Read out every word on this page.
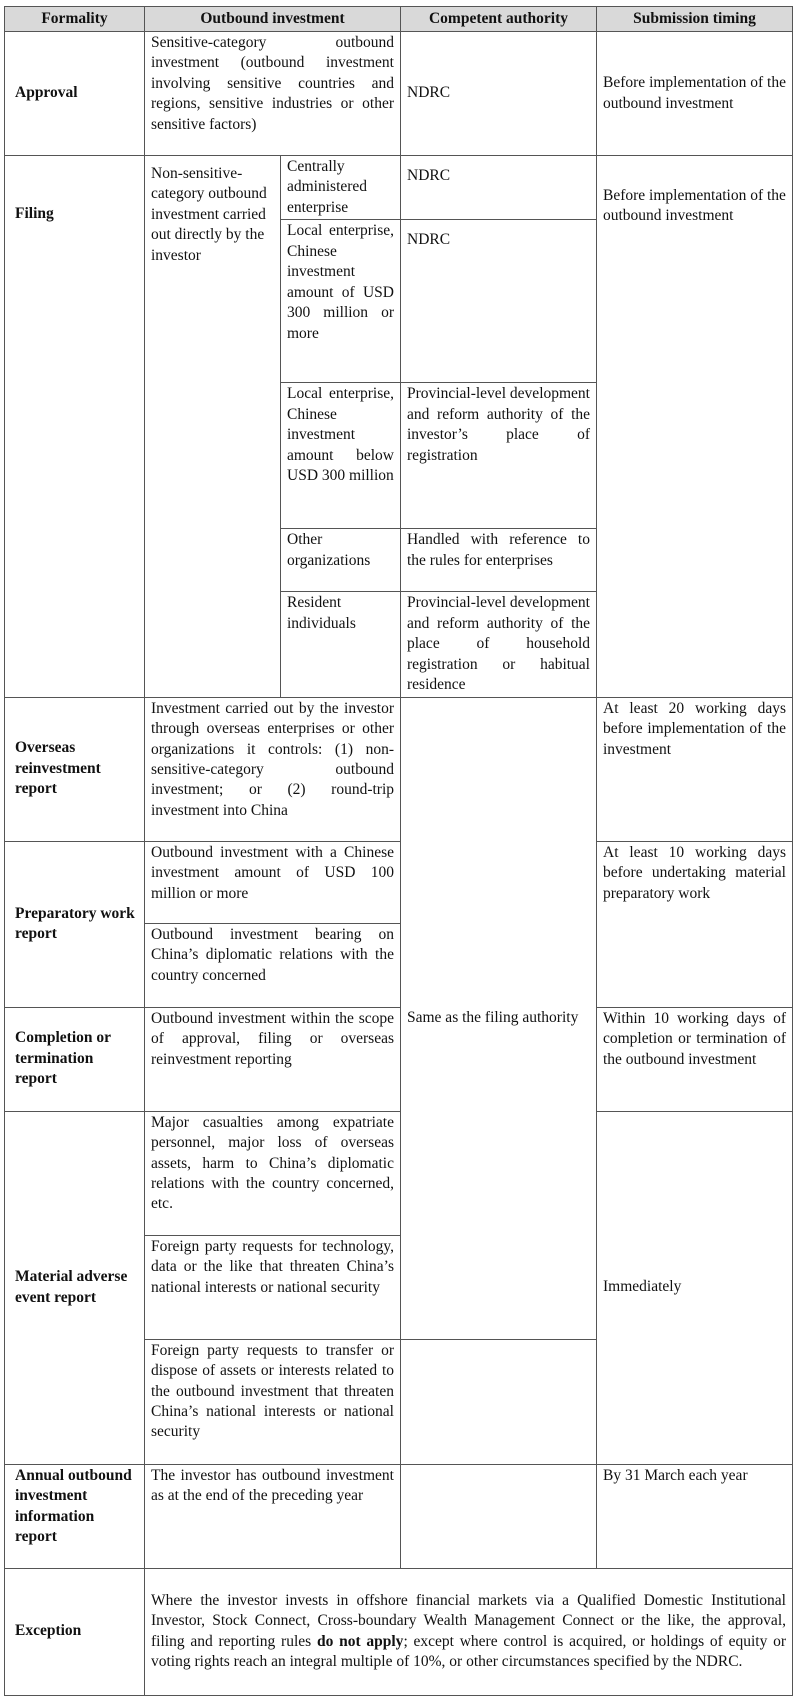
Formality	Outbound investment		Competent authority	Submission timing
Approval	Sensitive-category outbound investment (outbound investment involving sensitive countries and regions, sensitive industries or other sensitive factors)		NDRC	Before implementation of the outbound investment
Filing	Non-sensitive-category outbound investment carried out directly by the investor	Centrally administered enterprise	NDRC	Before implementation of the outbound investment
		Local enterprise, Chinese investment amount of USD 300 million or more	NDRC	
		Local enterprise, Chinese investment amount below USD 300 million	Provincial-level development and reform authority of the investor’s place of registration	
		Other organizations	Handled with reference to the rules for enterprises	
		Resident individuals	Provincial-level development and reform authority of the place of household registration or habitual residence	
Overseas reinvestment report	Investment carried out by the investor through overseas enterprises or other organizations it controls: (1) non-sensitive-category outbound investment; or (2) round-trip investment into China		Same as the filing authority	At least 20 working days before implementation of the investment
Preparatory work report	Outbound investment with a Chinese investment amount of USD 100 million or more			At least 10 working days before undertaking material preparatory work
	Outbound investment bearing on China’s diplomatic relations with the country concerned			
Completion or termination report	Outbound investment within the scope of approval, filing or overseas reinvestment reporting			Within 10 working days of completion or termination of the outbound investment
Material adverse event report	Major casualties among expatriate personnel, major loss of overseas assets, harm to China’s diplomatic relations with the country concerned, etc.			Immediately
	Foreign party requests for technology, data or the like that threaten China’s national interests or national security			
	Foreign party requests to transfer or dispose of assets or interests related to the outbound investment that threaten China’s national interests or national security			
Annual outbound investment information report	The investor has outbound investment as at the end of the preceding year			By 31 March each year
Exception	Where the investor invests in offshore financial markets via a Qualified Domestic Institutional Investor, Stock Connect, Cross-boundary Wealth Management Connect or the like, the approval, filing and reporting rules do not apply; except where control is acquired, or holdings of equity or voting rights reach an integral multiple of 10%, or other circumstances specified by the NDRC.			
